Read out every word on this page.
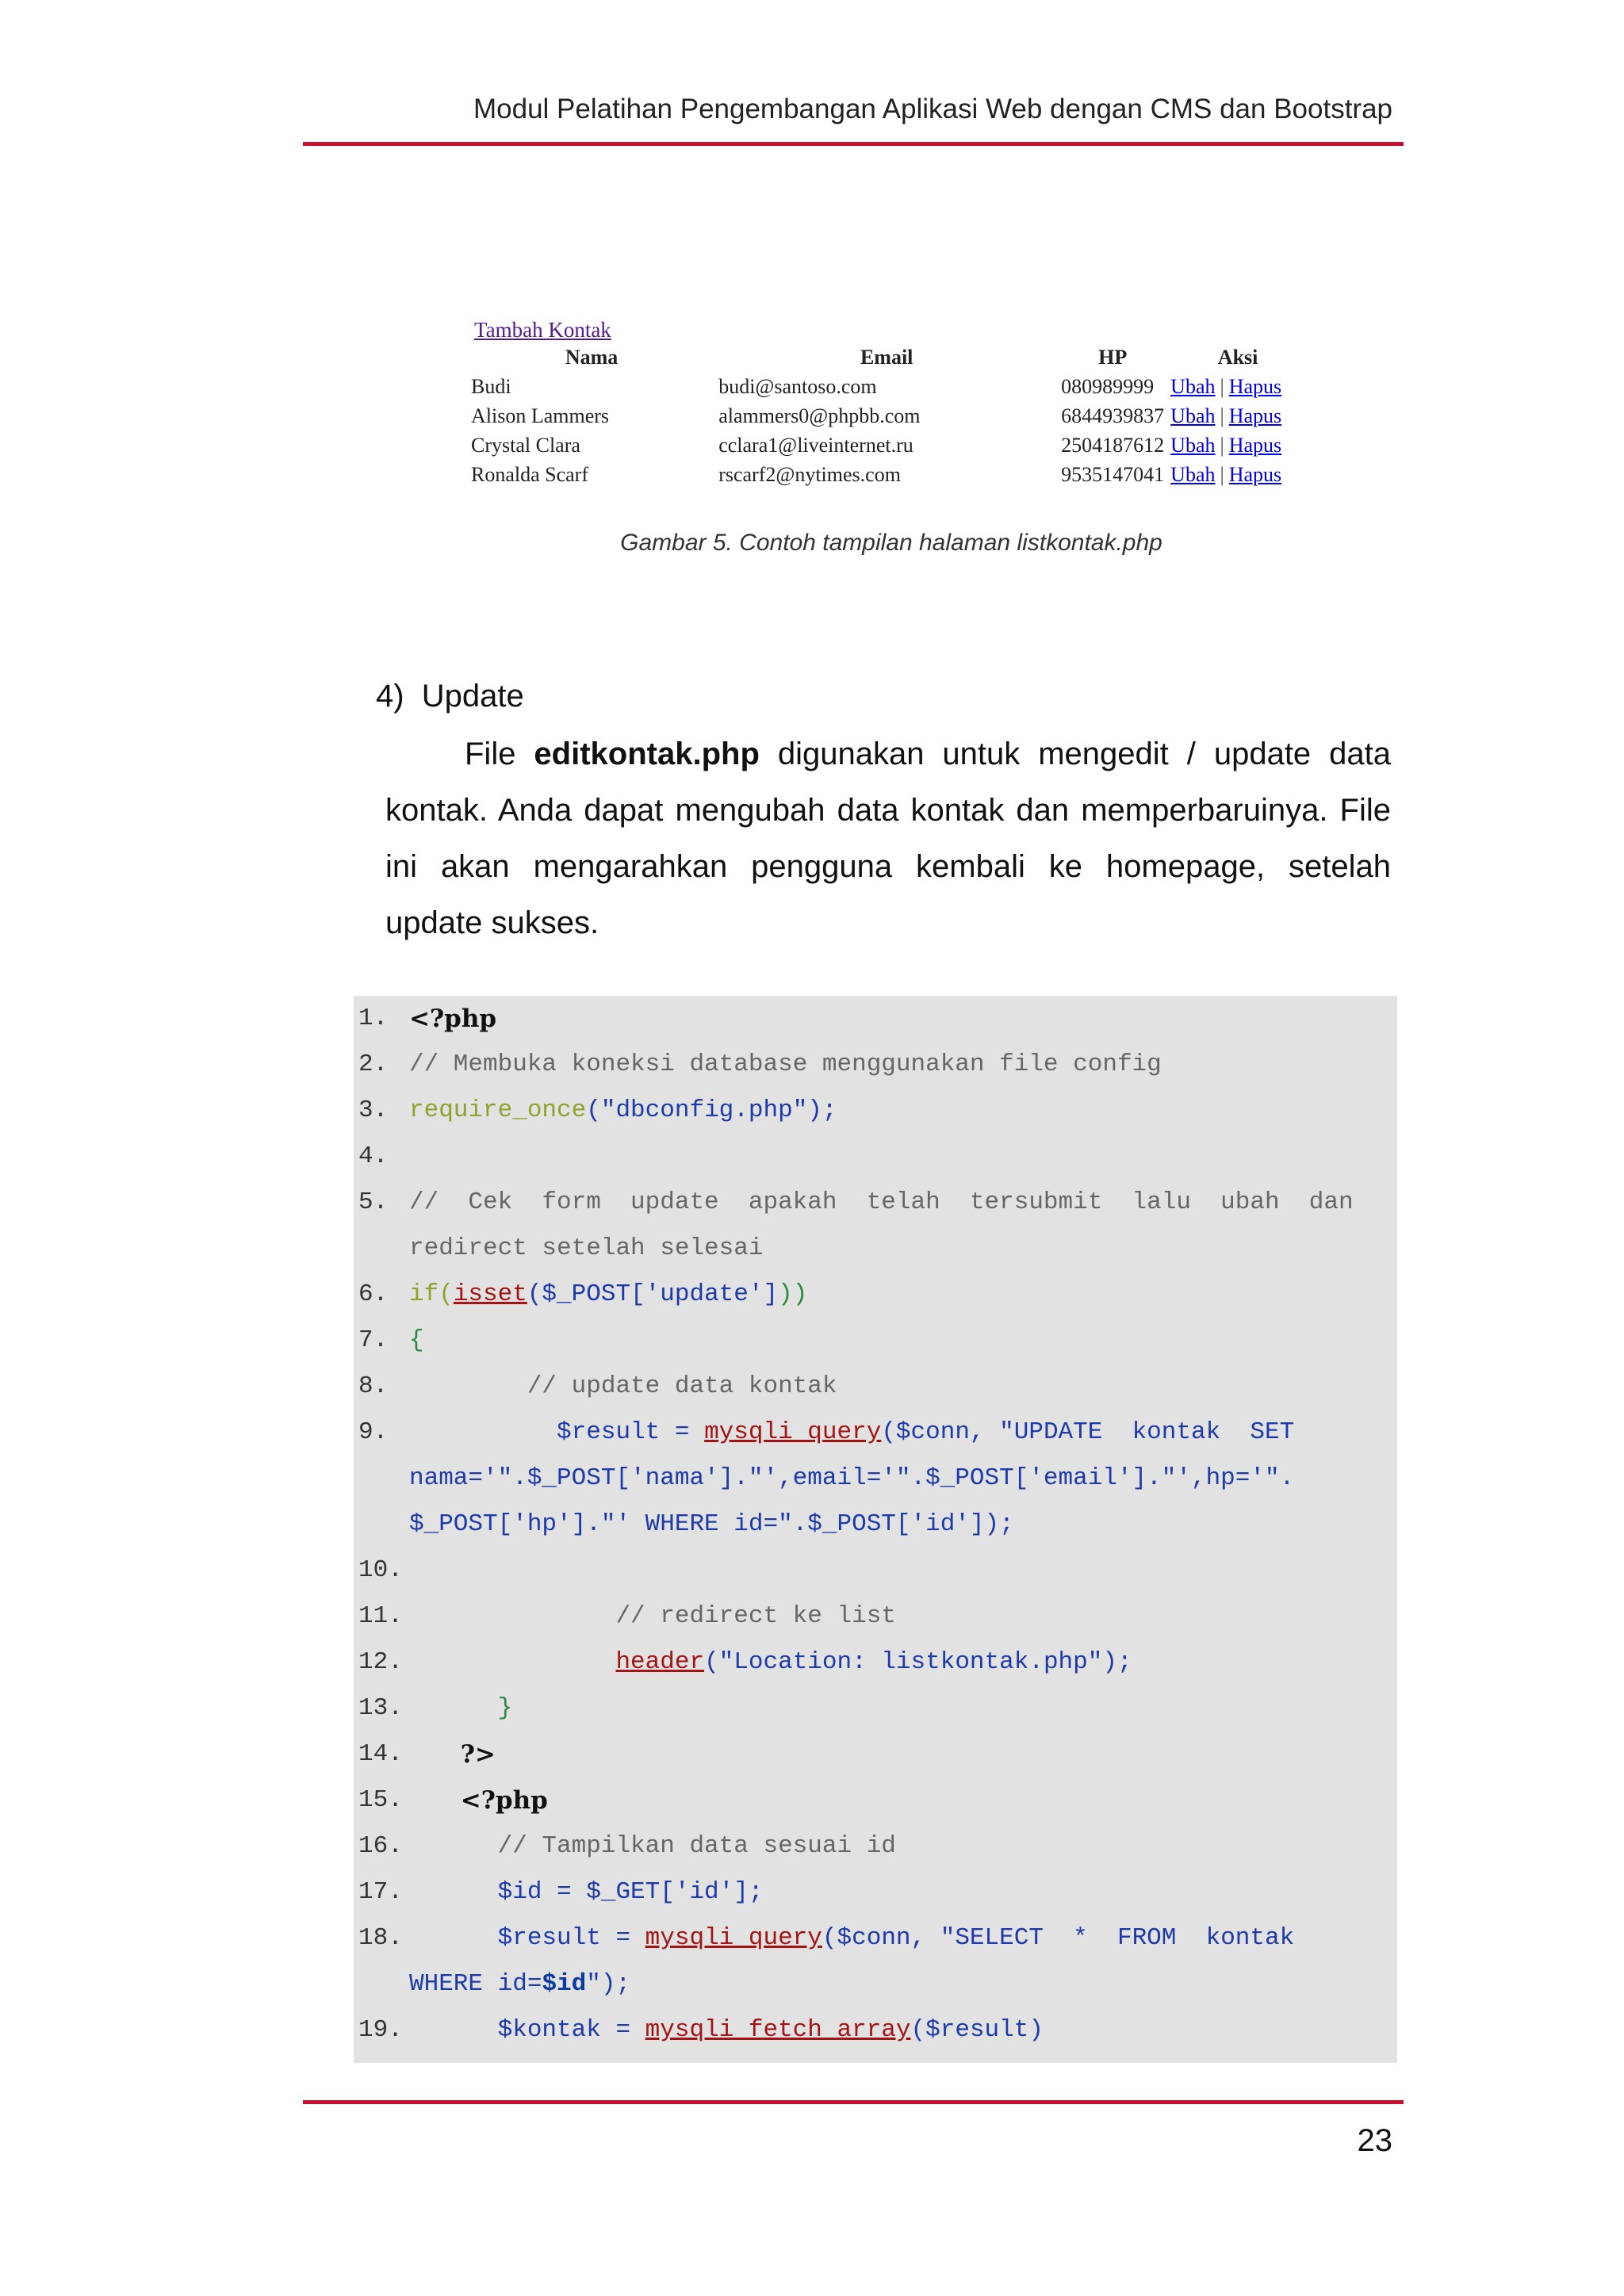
Modul Pelatihan Pengembangan Aplikasi Web dengan CMS dan Bootstrap
Tambah Kontak
Nama	Email	HP	Aksi
Budi	budi@santoso.com	080989999	Ubah | Hapus
Alison Lammers	alammers0@phpbb.com	6844939837	Ubah | Hapus
Crystal Clara	cclara1@liveinternet.ru	2504187612	Ubah | Hapus
Ronalda Scarf	rscarf2@nytimes.com	9535147041	Ubah | Hapus
Gambar 5. Contoh tampilan halaman listkontak.php
4)  Update
File editkontak.php digunakan untuk mengedit / update data kontak. Anda dapat mengubah data kontak dan memperbaruinya. File ini akan mengarahkan pengguna kembali ke homepage, setelah update sukses.
1. <?php
2. // Membuka koneksi database menggunakan file config
3. require_once("dbconfig.php");
4.
5. //  Cek  form  update  apakah  telah  tersubmit  lalu  ubah  dan
redirect setelah selesai
6. if(isset($_POST['update']))
7. {
8. // update data kontak
9. $result = mysqli_query($conn, "UPDATE  kontak  SET
nama='".$_POST['nama']."',email='".$_POST['email']."',hp='".
$_POST['hp']."' WHERE id=".$_POST['id']);
10.
11. // redirect ke list
12.	header("Location: listkontak.php");
13. }
14. ?>
15. <?php
16. // Tampilkan data sesuai id
17. $id = $_GET['id'];
18. $result = mysqli_query($conn, "SELECT  *  FROM  kontak
WHERE id=$id");
19. $kontak = mysqli_fetch_array($result)
23
